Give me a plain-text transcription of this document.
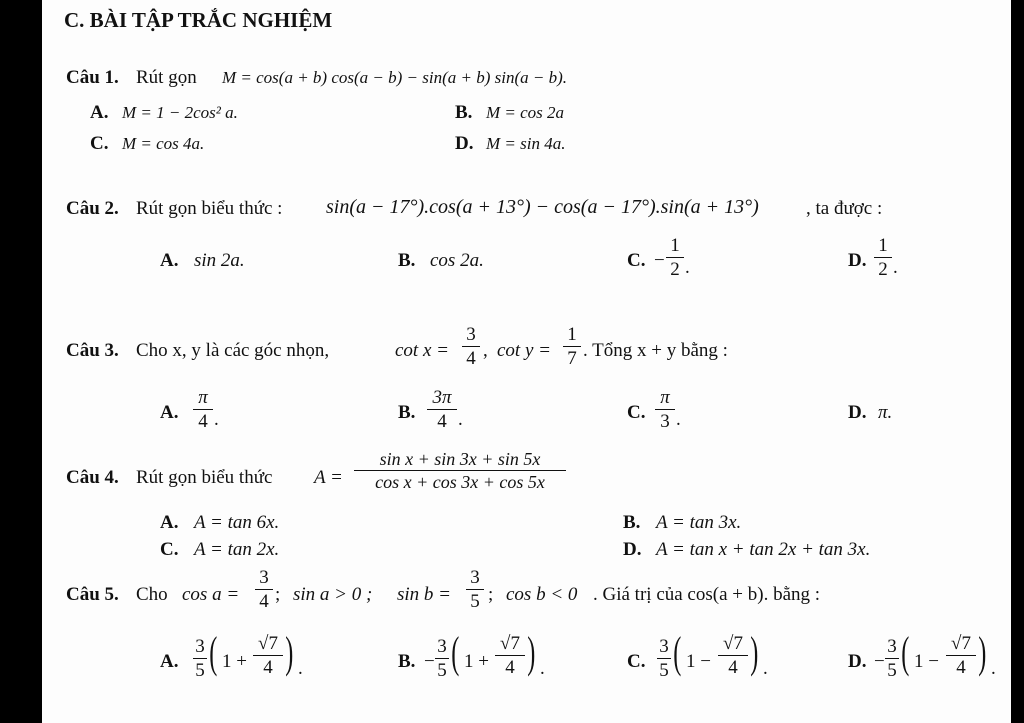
C. BÀI TẬP TRẮC NGHIỆM
Câu 1. Rút gọn M = cos(a + b) cos(a − b) − sin(a + b) sin(a − b).
A. M = 1 − 2cos² a.	B. M = cos 2a
C. M = cos 4a.	D. M = sin 4a.
Câu 2. Rút gọn biểu thức : sin(a − 17°).cos(a + 13°) − cos(a − 17°).sin(a + 13°) , ta được :
A. sin 2a.	B. cos 2a.	C. − $\frac{1}{2}$ .	D. $\frac{1}{2}$ .
Câu 3. Cho x, y là các góc nhọn,	$\cot x = \frac{3}{4}$ , $\cot y = \frac{1}{7}$ . Tổng x + y bằng :
A. $\frac{\pi}{4}$ .	B. $\frac{3\pi}{4}$ .	C. $\frac{\pi}{3}$ .	D. π.
Câu 4. Rút gọn biểu thức $A = \frac{\text{sin x + sin 3x + sin 5x}}{\text{cos x + cos 3x + cos 5x}}$
A. A = tan 6x.	B. A = tan 3x.
C. A = tan 2x.	D. A = tan x + tan 2x + tan 3x.
Câu 5. Cho $\cos a = \frac{3}{4}$ ; sin a > 0 ; $\sin b = \frac{3}{5}$ ; cos b < 0 . Giá trị của cos(a + b). bằng :
A. $\frac{3}{5}$ ( $1 + \frac{√7}{4}$ ) .	B. − $\frac{3}{5}$ ( $1 + \frac{√7}{4}$ ) .	C. $\frac{3}{5}$ ( $1 - \frac{√7}{4}$ ) .	D. − $\frac{3}{5}$ ( $1 - \frac{√7}{4}$ ) .
